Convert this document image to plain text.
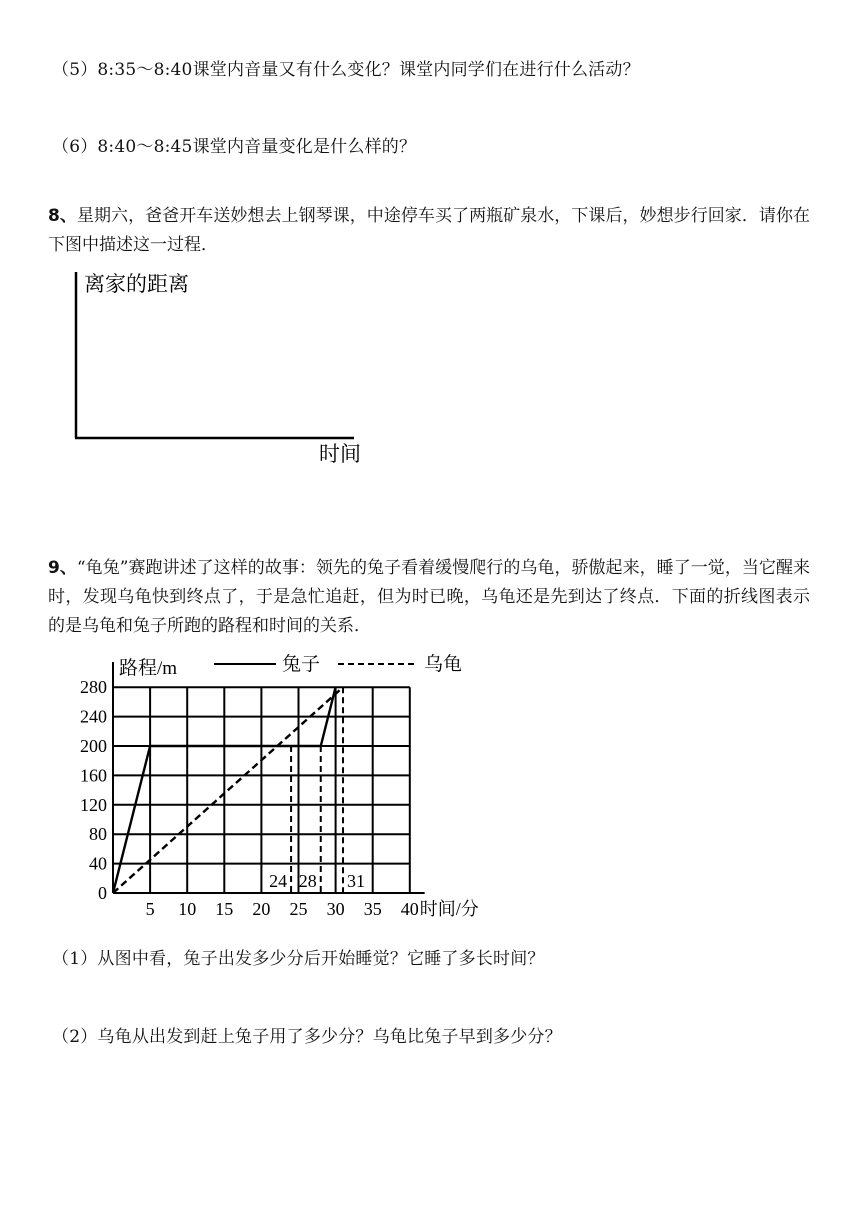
（5）8:35～8:40课堂内音量又有什么变化？课堂内同学们在进行什么活动？
（6）8:40～8:45课堂内音量变化是什么样的？
8、星期六，爸爸开车送妙想去上钢琴课，中途停车买了两瓶矿泉水，下课后，妙想步行回家．请你在下图中描述这一过程．
离家的距离
时间
9、“龟兔”赛跑讲述了这样的故事：领先的兔子看着缓慢爬行的乌龟，骄傲起来，睡了一觉，当它醒来时，发现乌龟快到终点了，于是急忙追赶，但为时已晚，乌龟还是先到达了终点．下面的折线图表示的是乌龟和兔子所跑的路程和时间的关系．
0
40
80
120
160
200
240
280
5 10 15 20 25 30 35 40 时间/分
24 28 31
路程/m	兔子	乌龟
（1）从图中看，兔子出发多少分后开始睡觉？它睡了多长时间？
（2）乌龟从出发到赶上兔子用了多少分？乌龟比兔子早到多少分？
